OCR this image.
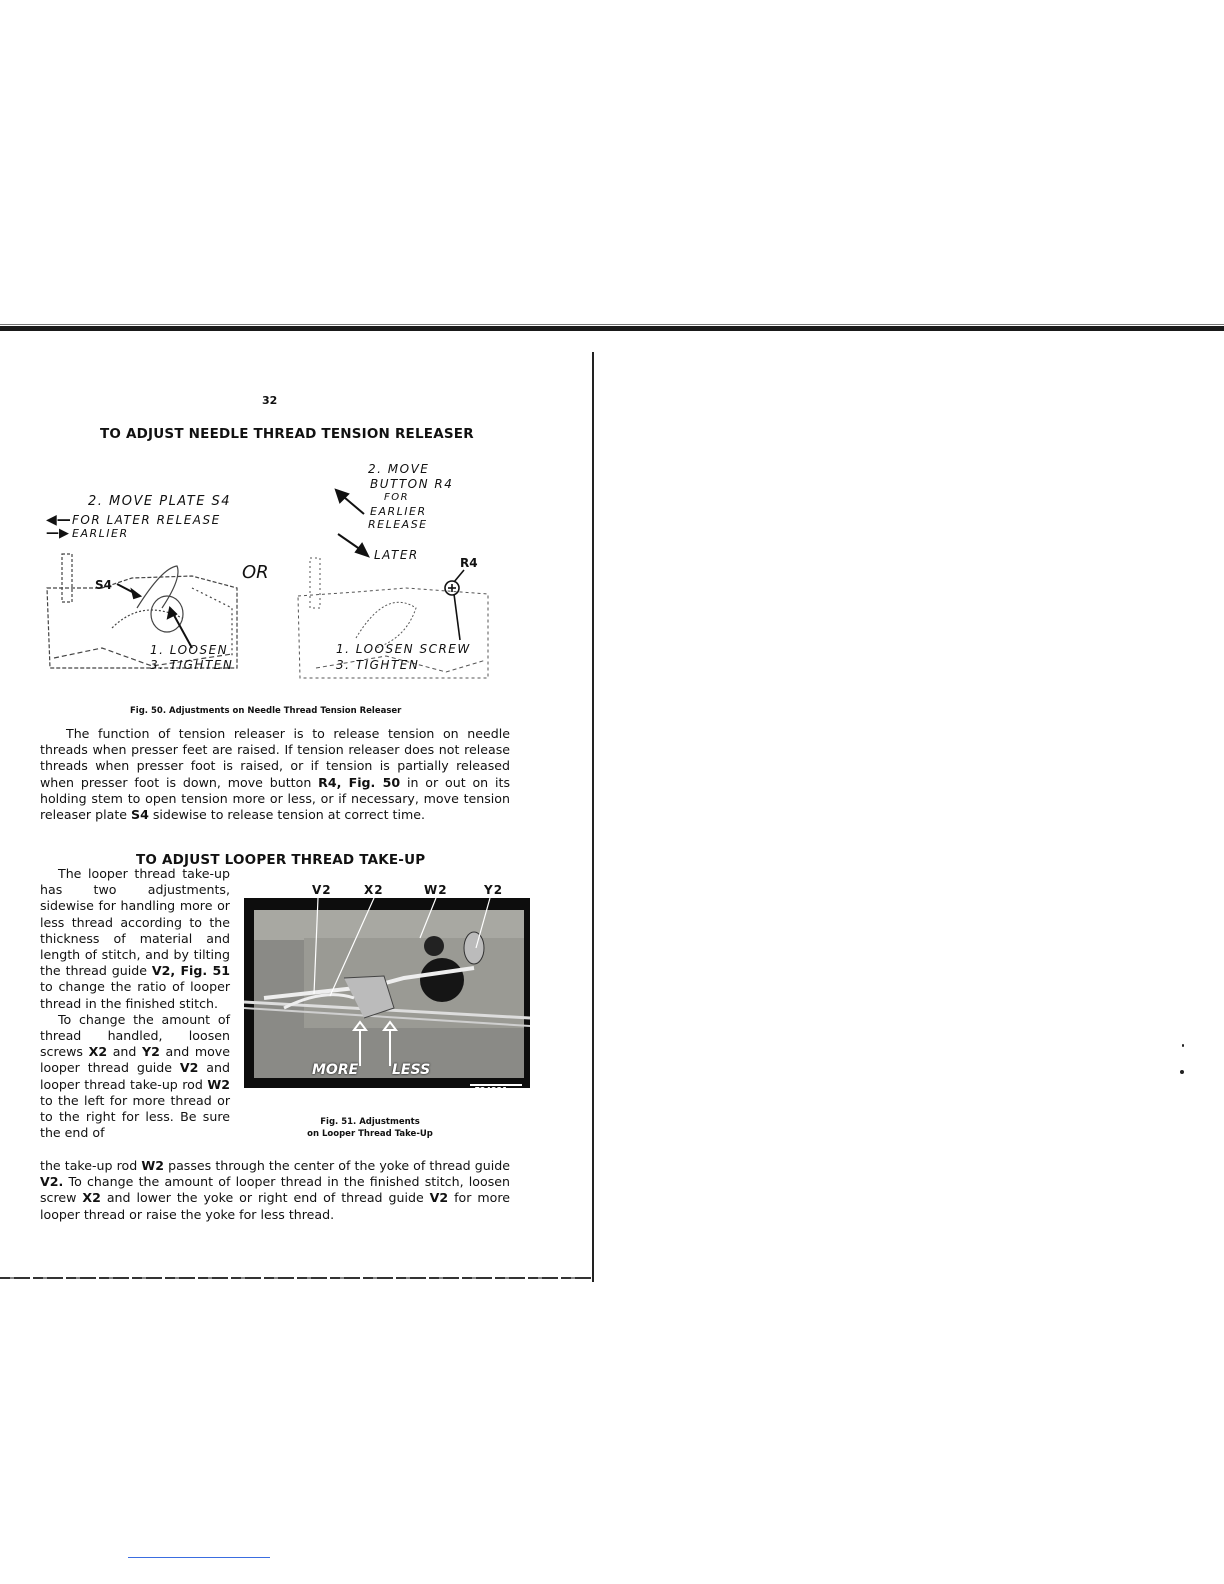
32
TO ADJUST NEEDLE THREAD TENSION RELEASER
2. MOVE PLATE S4
◀— FOR LATER RELEASE
—▶ EARLIER
S4
1. LOOSEN
3. TIGHTEN
OR
2. MOVE
BUTTON R4
FOR
EARLIER
RELEASE
LATER
R4
1. LOOSEN SCREW
3. TIGHTEN
Fig. 50. Adjustments on Needle Thread Tension Releaser
The function of tension releaser is to release tension on needle threads when presser feet are raised. If tension releaser does not release threads when presser foot is raised, or if tension is partially released when presser foot is down, move button R4, Fig. 50 in or out on its holding stem to open tension more or less, or if necessary, move tension releaser plate S4 sidewise to release tension at correct time.
TO ADJUST LOOPER THREAD TAKE-UP

The looper thread take-up has two adjustments, sidewise for handling more or less thread according to the thickness of material and length of stitch, and by tilting the thread guide V2, Fig. 51 to change the ratio of looper thread in the finished stitch.

To change the amount of thread handled, loosen screws X2 and Y2 and move looper thread guide V2 and looper thread take-up rod W2 to the left for more thread or to the right for less. Be sure the end of

V2	X2	W2	Y2
MORE LESS
E24321
Fig. 51. Adjustments
on Looper Thread Take-Up
the take-up rod W2 passes through the center of the yoke of thread guide V2. To change the amount of looper thread in the finished stitch, loosen screw X2 and lower the yoke or right end of thread guide V2 for more looper thread or raise the yoke for less thread.
